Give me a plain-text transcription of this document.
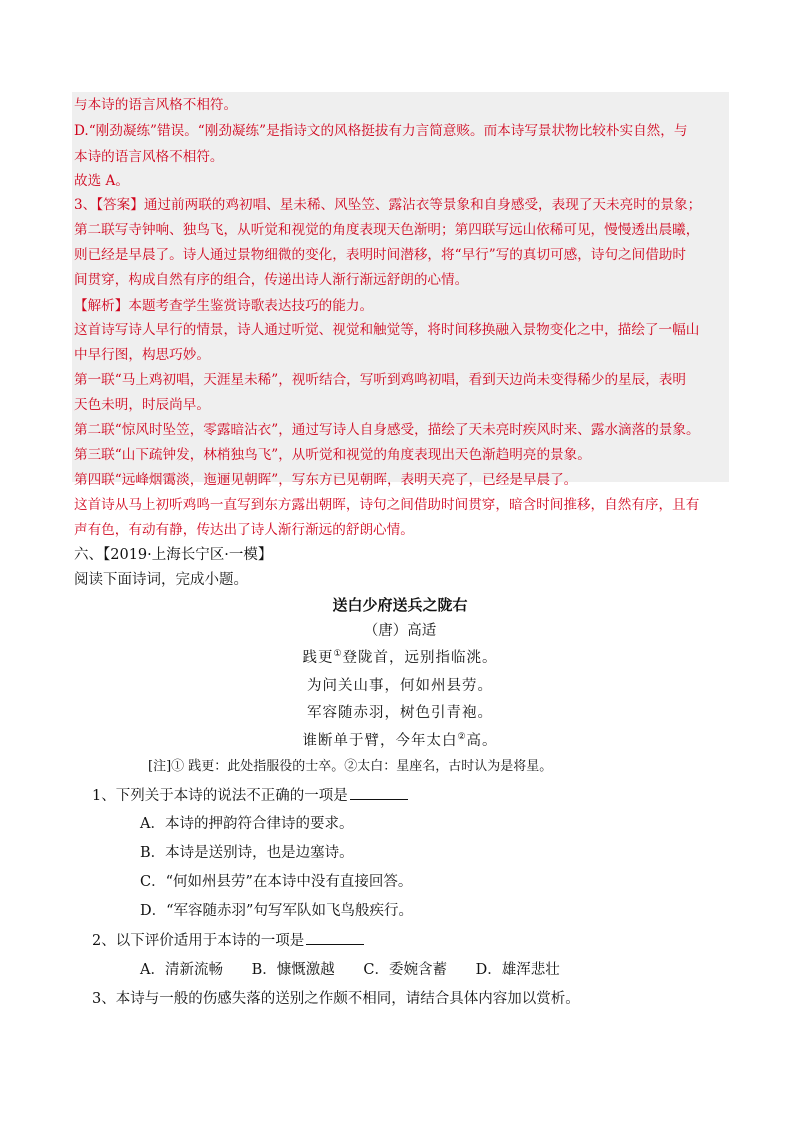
与本诗的语言风格不相符。
D.“刚劲凝练”错误。“刚劲凝练”是指诗文的风格挺拔有力言简意赅。而本诗写景状物比较朴实自然，与
本诗的语言风格不相符。
故选 A。
3、【答案】通过前两联的鸡初唱、星未稀、风坠笠、露沾衣等景象和自身感受，表现了天未亮时的景象；
第二联写寺钟响、独鸟飞，从听觉和视觉的角度表现天色渐明；第四联写远山依稀可见，慢慢透出晨曦，
则已经是早晨了。诗人通过景物细微的变化，表明时间潜移，将“早行”写的真切可感，诗句之间借助时
间贯穿，构成自然有序的组合，传递出诗人渐行渐远舒朗的心情。
【解析】本题考查学生鉴赏诗歌表达技巧的能力。
这首诗写诗人早行的情景，诗人通过听觉、视觉和触觉等，将时间移换融入景物变化之中，描绘了一幅山
中早行图，构思巧妙。
第一联“马上鸡初唱，天涯星未稀”，视听结合，写听到鸡鸣初唱，看到天边尚未变得稀少的星辰，表明
天色未明，时辰尚早。
第二联“惊风时坠笠，零露暗沾衣”，通过写诗人自身感受，描绘了天未亮时疾风时来、露水滴落的景象。
第三联“山下疏钟发，林梢独鸟飞”，从听觉和视觉的角度表现出天色渐趋明亮的景象。
第四联“远峰烟霭淡，迤逦见朝晖”，写东方已见朝晖，表明天亮了，已经是早晨了。
这首诗从马上初听鸡鸣一直写到东方露出朝晖，诗句之间借助时间贯穿，暗含时间推移，自然有序，且有
声有色，有动有静，传达出了诗人渐行渐远的舒朗心情。
六、【2019·上海长宁区·一模】
阅读下面诗词，完成小题。
送白少府送兵之陇右
（唐）高适
践更①登陇首，远别指临洮。
为问关山事，何如州县劳。
军容随赤羽，树色引青袍。
谁断单于臂，今年太白②高。
[注]① 践更：此处指服役的士卒。②太白：星座名，古时认为是将星。
1、下列关于本诗的说法不正确的一项是
A．本诗的押韵符合律诗的要求。
B．本诗是送别诗，也是边塞诗。
C．“何如州县劳”在本诗中没有直接回答。
D．“军容随赤羽”句写军队如飞鸟般疾行。
2、以下评价适用于本诗的一项是
A．清新流畅 B．慷慨激越 C．委婉含蓄 D．雄浑悲壮
3、本诗与一般的伤感失落的送别之作颇不相同，请结合具体内容加以赏析。
